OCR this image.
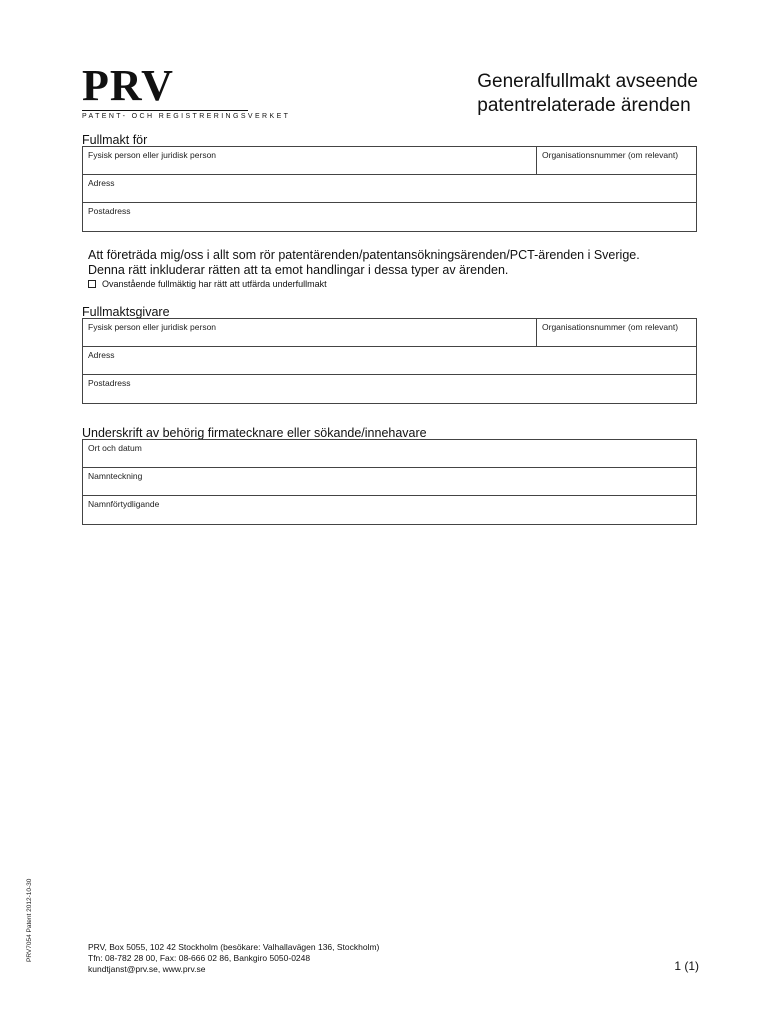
PRV
PATENT- OCH REGISTRERINGSVERKET
Generalfullmakt avseende
patentrelaterade ärenden
Fullmakt för
Fysisk person eller juridisk person	Organisationsnummer (om relevant)
Adress
Postadress
Att företräda mig/oss i allt som rör patentärenden/patentansökningsärenden/PCT-ärenden i Sverige.
Denna rätt inkluderar rätten att ta emot handlingar i dessa typer av ärenden.
Ovanstående fullmäktig har rätt att utfärda underfullmakt
Fullmaktsgivare
Fysisk person eller juridisk person	Organisationsnummer (om relevant)
Adress
Postadress
Underskrift av behörig firmatecknare eller sökande/innehavare
Ort och datum
Namnteckning
Namnförtydligande
PRV7054 Patent 2012-10-30	PRV, Box 5055, 102 42 Stockholm (besökare: Valhallavägen 136, Stockholm)
Tfn: 08-782 28 00, Fax: 08-666 02 86, Bankgiro 5050-0248
kundtjanst@prv.se, www.prv.se	1 (1)
